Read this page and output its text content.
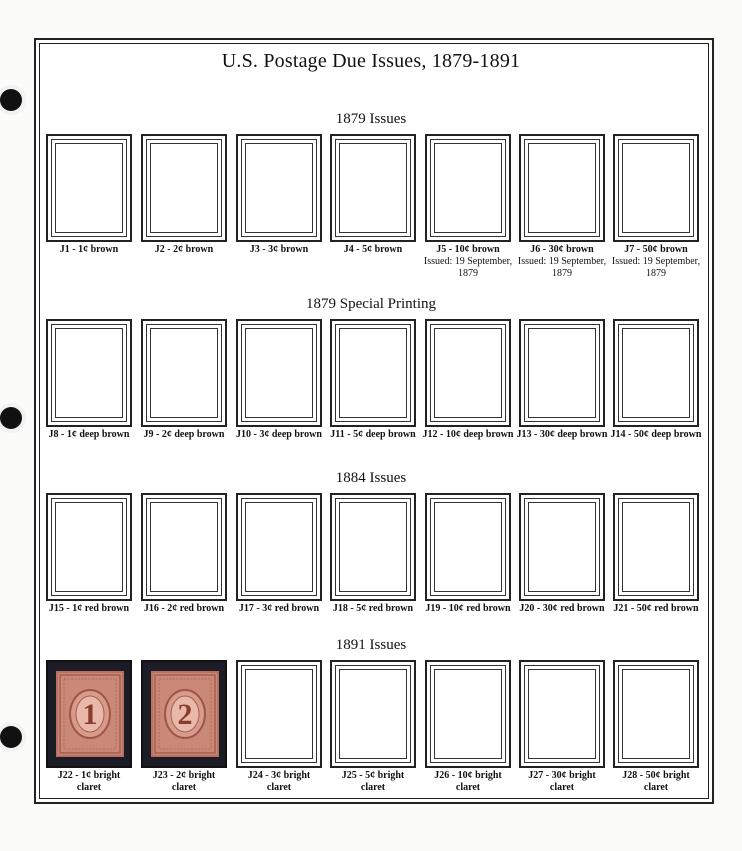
U.S. Postage Due Issues, 1879-1891
1879 Issues
J1 - 1¢ brown	J2 - 2¢ brown	J3 - 3¢ brown	J4 - 5¢ brown	J5 - 10¢ brown
Issued: 19 September, 1879
J6 - 30¢ brown
Issued: 19 September, 1879
J7 - 50¢ brown
Issued: 19 September, 1879
1879 Special Printing
J8 - 1¢ deep brown	J9 - 2¢ deep brown	J10 - 3¢ deep brown J11 - 5¢ deep brown J12 - 10¢ deep brown J13 - 30¢ deep brown J14 - 50¢ deep brown
1884 Issues
J15 - 1¢ red brown	J16 - 2¢ red brown	J17 - 3¢ red brown	J18 - 5¢ red brown	J19 - 10¢ red brown J20 - 30¢ red brown J21 - 50¢ red brown
1891 Issues
1
J22 - 1¢ bright claret
2
J23 - 2¢ bright claret
J24 - 3¢ bright claret
J25 - 5¢ bright claret
J26 - 10¢ bright claret
J27 - 30¢ bright claret
J28 - 50¢ bright claret
